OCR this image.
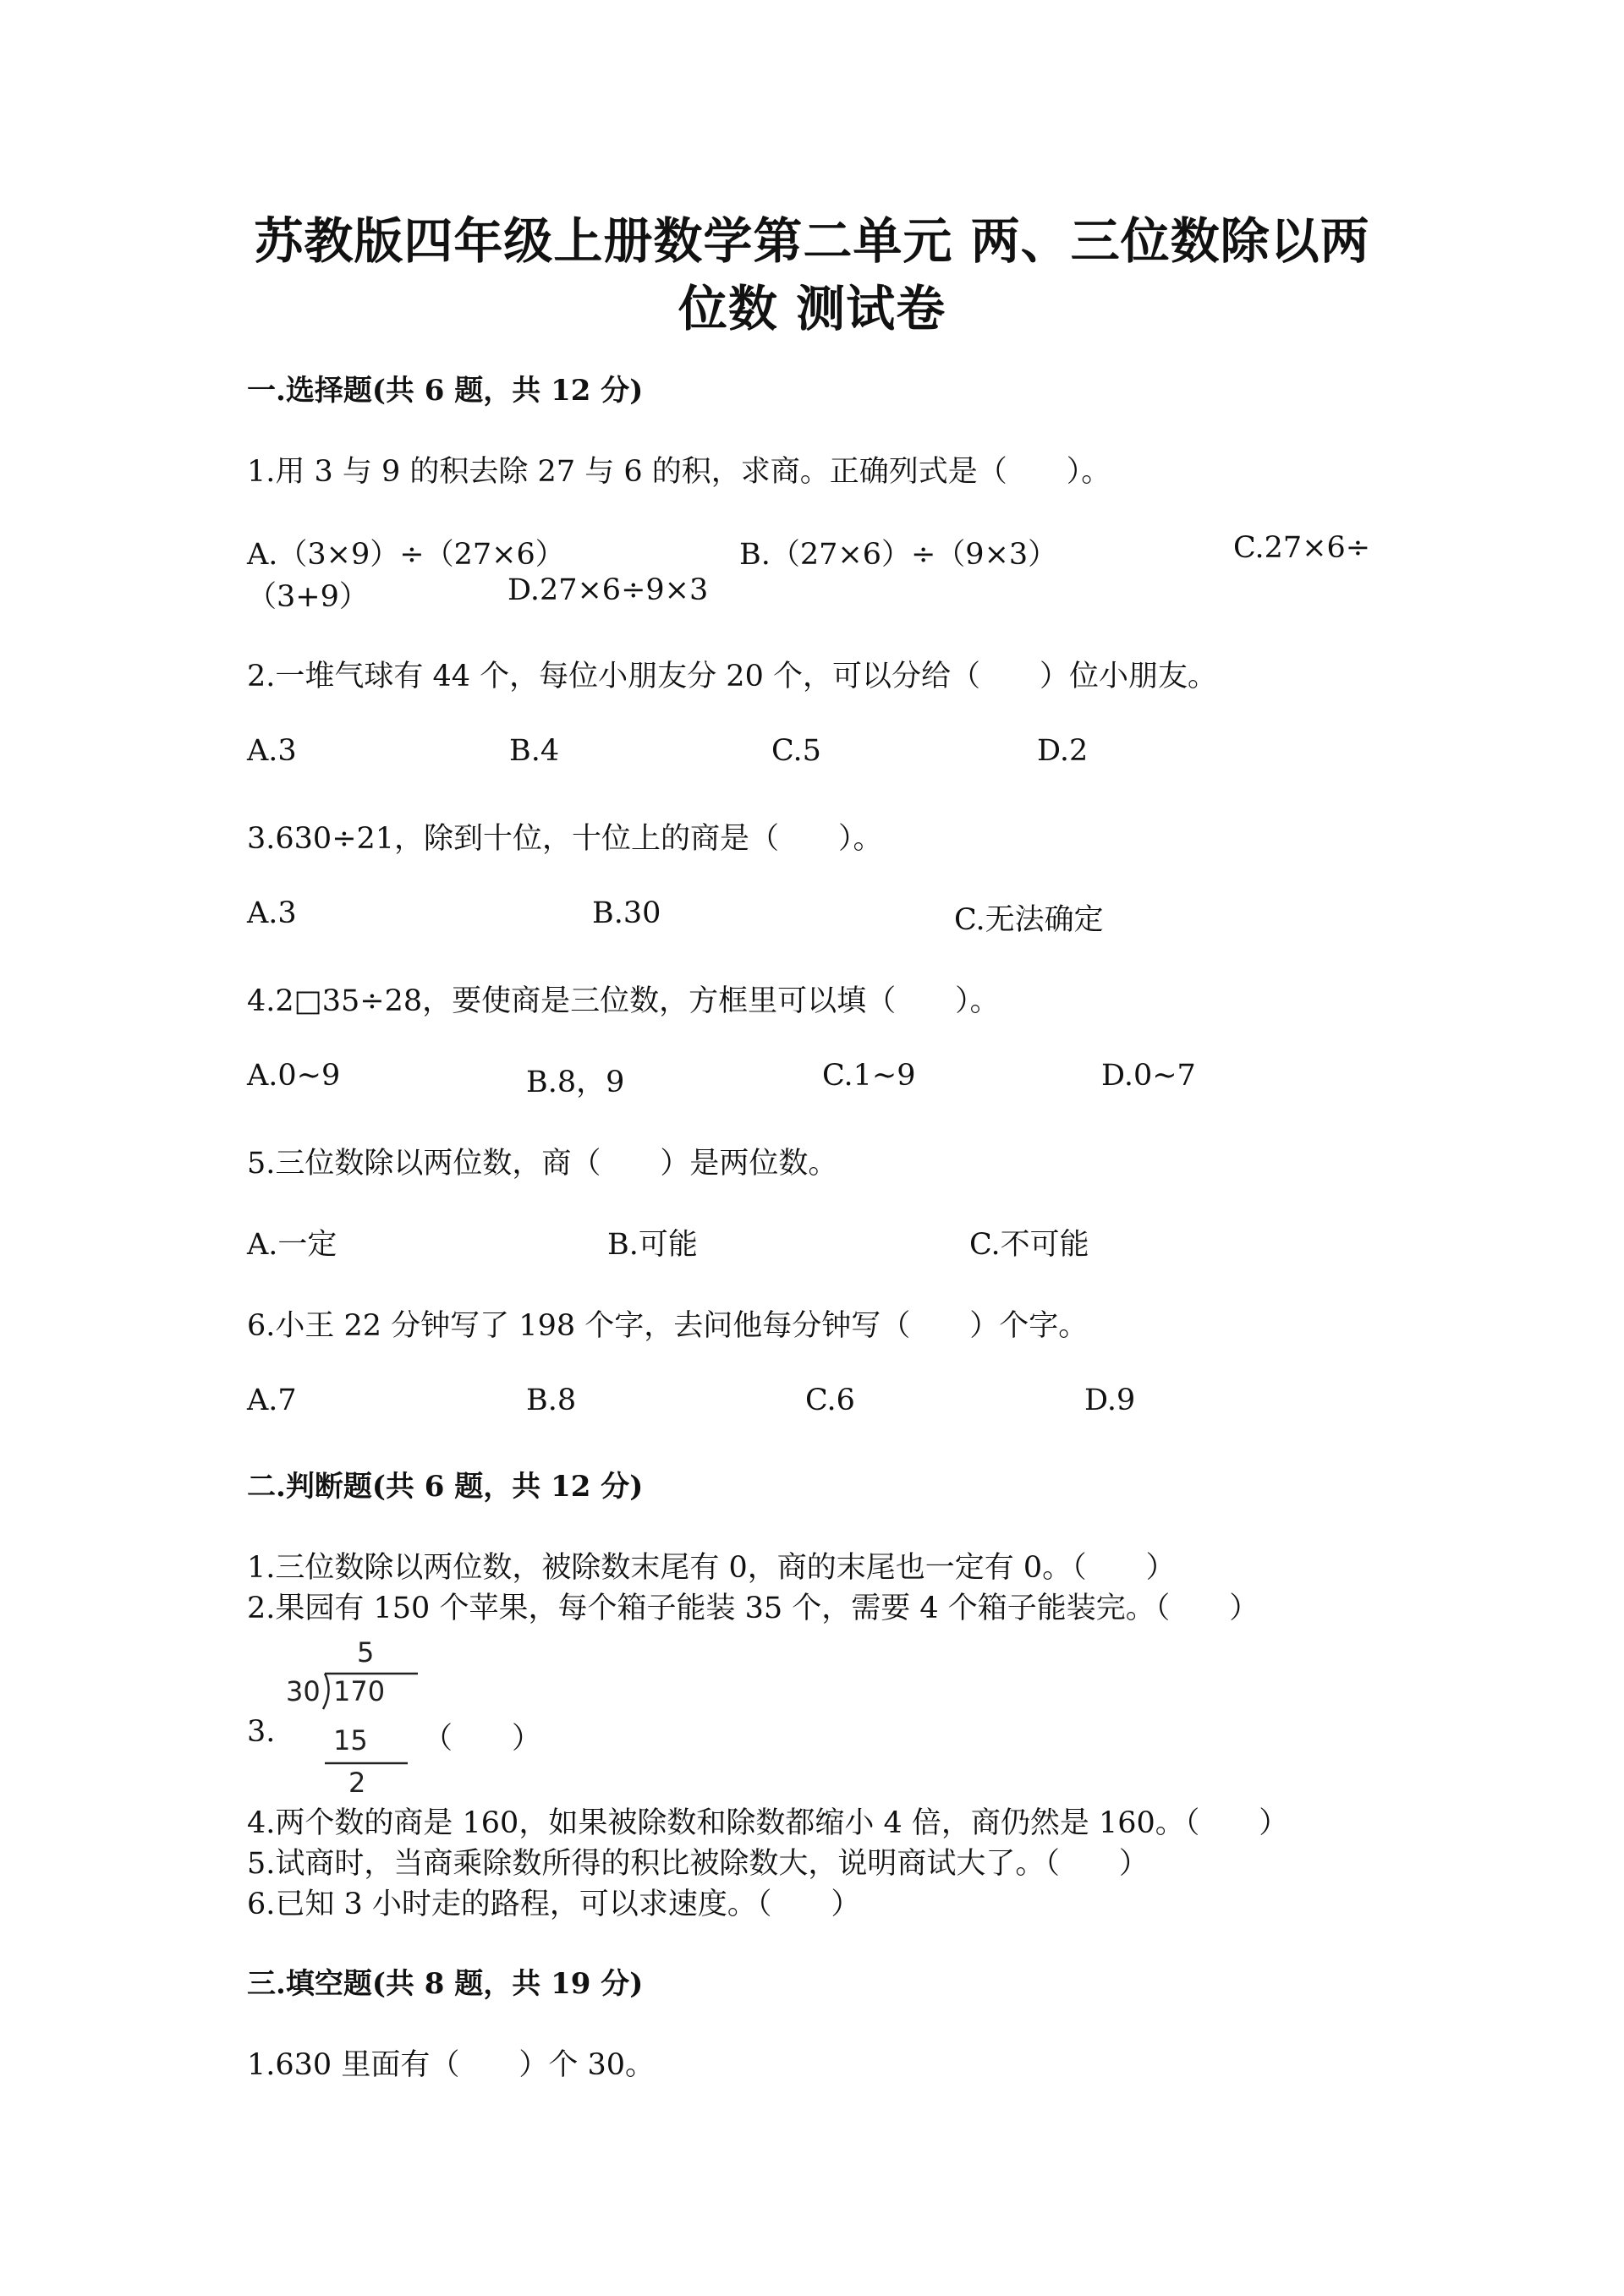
苏教版四年级上册数学第二单元 两、三位数除以两
位数 测试卷
一.选择题(共 6 题，共 12 分)
1.用 3 与 9 的积去除 27 与 6 的积，求商。正确列式是（　　）。
A.（3×9）÷（27×6）	B.（27×6）÷（9×3）	C.27×6÷
（3+9）	D.27×6÷9×3
2.一堆气球有 44 个，每位小朋友分 20 个，可以分给（　　）位小朋友。
A.3	B.4	C.5	D.2
3.630÷21，除到十位，十位上的商是（　　）。
A.3	B.30	C.无法确定
4.2□35÷28，要使商是三位数，方框里可以填（　　）。
A.0~9	B.8，9	C.1~9	D.0~7
5.三位数除以两位数，商（　　）是两位数。
A.一定	B.可能	C.不可能
6.小王 22 分钟写了 198 个字，去问他每分钟写（　　）个字。
A.7	B.8	C.6	D.9
二.判断题(共 6 题，共 12 分)
1.三位数除以两位数，被除数末尾有 0，商的末尾也一定有 0。（　　）
2.果园有 150 个苹果，每个箱子能装 35 个，需要 4 个箱子能装完。（　　）
3.
5
30 170
15
2
（　　）
4.两个数的商是 160，如果被除数和除数都缩小 4 倍，商仍然是 160。（　　）
5.试商时，当商乘除数所得的积比被除数大，说明商试大了。（　　）
6.已知 3 小时走的路程，可以求速度。（　　）
三.填空题(共 8 题，共 19 分)
1.630 里面有（　　）个 30。
